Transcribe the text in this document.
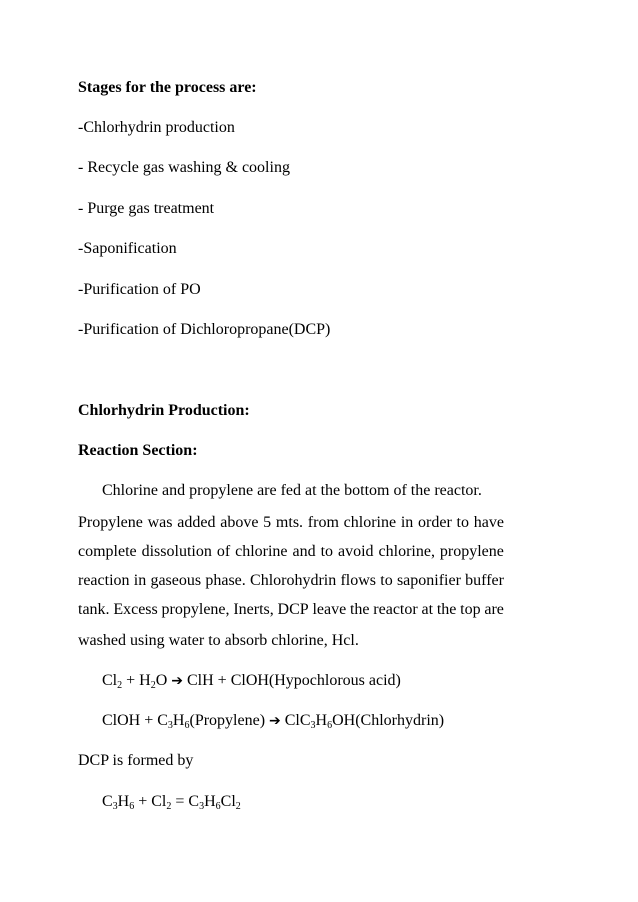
Stages for the process are:
-Chlorhydrin production
- Recycle gas washing & cooling
- Purge gas treatment
-Saponification
-Purification of PO
-Purification of Dichloropropane(DCP)
Chlorhydrin Production:
Reaction Section:
Chlorine and propylene are fed at the bottom of the reactor.
Propylene was added above 5 mts. from chlorine in order to have
complete dissolution of chlorine and to avoid chlorine, propylene
reaction in gaseous phase. Chlorohydrin flows to saponifier buffer
tank. Excess propylene, Inerts, DCP leave the reactor at the top are
washed using water to absorb chlorine, Hcl.
$Cl_2 + H_2O$ ➔ ClH + ClOH(Hypochlorous acid)
ClOH + $C_3H_6(Propylene)$ ➔ $ClC_3H_6OH(Chlorhydrin)$
DCP is formed by
$C_3H_6 + Cl_2 = C_3H_6Cl_2$
